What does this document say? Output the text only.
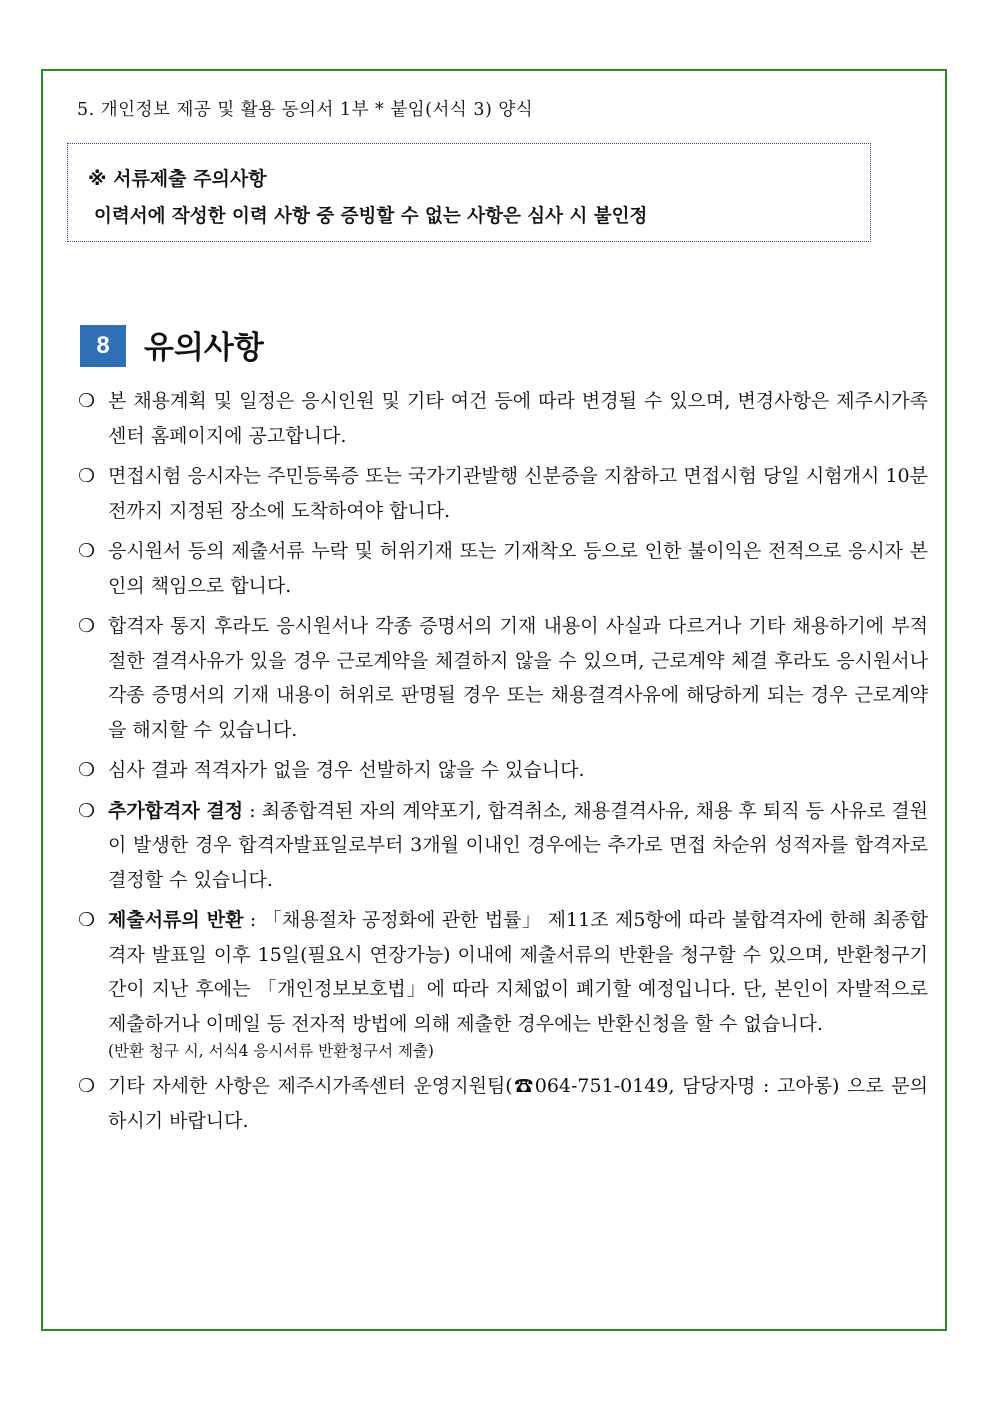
5. 개인정보 제공 및 활용 동의서 1부 * 붙임(서식 3) 양식
※ 서류제출 주의사항
이력서에 작성한 이력 사항 중 증빙할 수 없는 사항은 심사 시 불인정
8	유의사항
❍ 본 채용계획 및 일정은 응시인원 및 기타 여건 등에 따라 변경될 수 있으며, 변경사항은 제주시가족센터 홈페이지에 공고합니다.
❍ 면접시험 응시자는 주민등록증 또는 국가기관발행 신분증을 지참하고 면접시험 당일 시험개시 10분전까지 지정된 장소에 도착하여야 합니다.
❍ 응시원서 등의 제출서류 누락 및 허위기재 또는 기재착오 등으로 인한 불이익은 전적으로 응시자 본인의 책임으로 합니다.
❍ 합격자 통지 후라도 응시원서나 각종 증명서의 기재 내용이 사실과 다르거나 기타 채용하기에 부적절한 결격사유가 있을 경우 근로계약을 체결하지 않을 수 있으며, 근로계약 체결 후라도 응시원서나 각종 증명서의 기재 내용이 허위로 판명될 경우 또는 채용결격사유에 해당하게 되는 경우 근로계약을 해지할 수 있습니다.
❍ 심사 결과 적격자가 없을 경우 선발하지 않을 수 있습니다.
❍ 추가합격자 결정 : 최종합격된 자의 계약포기, 합격취소, 채용결격사유, 채용 후 퇴직 등 사유로 결원이 발생한 경우 합격자발표일로부터 3개월 이내인 경우에는 추가로 면접 차순위 성적자를 합격자로 결정할 수 있습니다.
❍ 제출서류의 반환 : 「채용절차 공정화에 관한 법률」 제11조 제5항에 따라 불합격자에 한해 최종합격자 발표일 이후 15일(필요시 연장가능) 이내에 제출서류의 반환을 청구할 수 있으며, 반환청구기간이 지난 후에는 「개인정보보호법」에 따라 지체없이 폐기할 예정입니다. 단, 본인이 자발적으로 제출하거나 이메일 등 전자적 방법에 의해 제출한 경우에는 반환신청을 할 수 없습니다.
(반환 청구 시, 서식4 응시서류 반환청구서 제출)
❍ 기타 자세한 사항은 제주시가족센터 운영지원팀(☎064-751-0149, 담당자명 : 고아롱) 으로 문의하시기 바랍니다.
